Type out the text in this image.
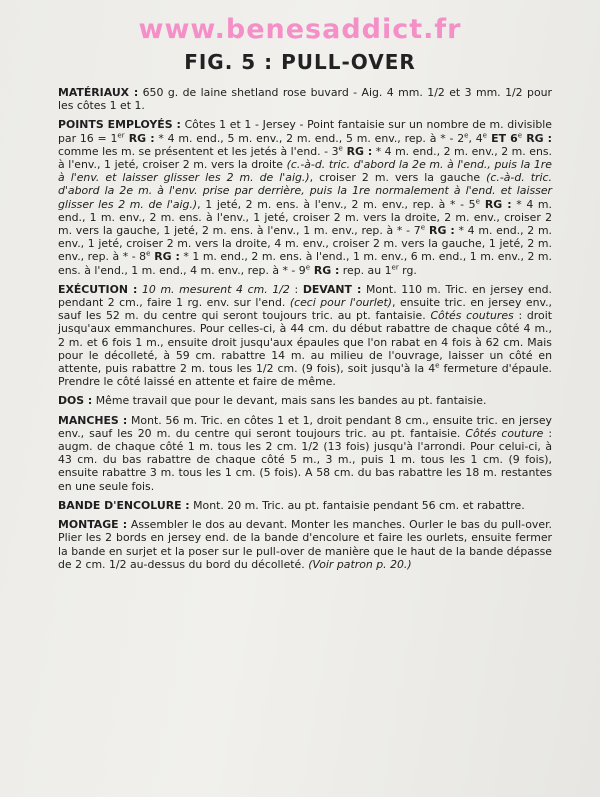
www.benesaddict.fr
FIG. 5 : PULL-OVER

MATÉRIAUX : 650 g. de laine shetland rose buvard - Aig. 4 mm. 1/2 et 3 mm. 1/2 pour les côtes 1 et 1.

POINTS EMPLOYÉS : Côtes 1 et 1 - Jersey - Point fantaisie sur un nombre de m. divisible par 16 = 1er RG : * 4 m. end., 5 m. env., 2 m. end., 5 m. env., rep. à * - 2e, 4e ET 6e RG : comme les m. se présentent et les jetés à l'end. - 3e RG : * 4 m. end., 2 m. env., 2 m. ens. à l'env., 1 jeté, croiser 2 m. vers la droite (c.-à-d. tric. d'abord la 2e m. à l'end., puis la 1re à l'env. et laisser glisser les 2 m. de l'aig.), croiser 2 m. vers la gauche (c.-à-d. tric. d'abord la 2e m. à l'env. prise par derrière, puis la 1re normalement à l'end. et laisser glisser les 2 m. de l'aig.), 1 jeté, 2 m. ens. à l'env., 2 m. env., rep. à * - 5e RG : * 4 m. end., 1 m. env., 2 m. ens. à l'env., 1 jeté, croiser 2 m. vers la droite, 2 m. env., croiser 2 m. vers la gauche, 1 jeté, 2 m. ens. à l'env., 1 m. env., rep. à * - 7e RG : * 4 m. end., 2 m. env., 1 jeté, croiser 2 m. vers la droite, 4 m. env., croiser 2 m. vers la gauche, 1 jeté, 2 m. env., rep. à * - 8e RG : * 1 m. end., 2 m. ens. à l'end., 1 m. env., 6 m. end., 1 m. env., 2 m. ens. à l'end., 1 m. end., 4 m. env., rep. à * - 9e RG : rep. au 1er rg.

EXÉCUTION : 10 m. mesurent 4 cm. 1/2 : DEVANT : Mont. 110 m. Tric. en jersey end. pendant 2 cm., faire 1 rg. env. sur l'end. (ceci pour l'ourlet), ensuite tric. en jersey env., sauf les 52 m. du centre qui seront toujours tric. au pt. fantaisie. Côtés coutures : droit jusqu'aux emmanchures. Pour celles-ci, à 44 cm. du début rabattre de chaque côté 4 m., 2 m. et 6 fois 1 m., ensuite droit jusqu'aux épaules que l'on rabat en 4 fois à 62 cm. Mais pour le décolleté, à 59 cm. rabattre 14 m. au milieu de l'ouvrage, laisser un côté en attente, puis rabattre 2 m. tous les 1/2 cm. (9 fois), soit jusqu'à la 4e fermeture d'épaule. Prendre le côté laissé en attente et faire de même.

DOS : Même travail que pour le devant, mais sans les bandes au pt. fantaisie.

MANCHES : Mont. 56 m. Tric. en côtes 1 et 1, droit pendant 8 cm., ensuite tric. en jersey env., sauf les 20 m. du centre qui seront toujours tric. au pt. fantaisie. Côtés couture : augm. de chaque côté 1 m. tous les 2 cm. 1/2 (13 fois) jusqu'à l'arrondi. Pour celui-ci, à 43 cm. du bas rabattre de chaque côté 5 m., 3 m., puis 1 m. tous les 1 cm. (9 fois), ensuite rabattre 3 m. tous les 1 cm. (5 fois). A 58 cm. du bas rabattre les 18 m. restantes en une seule fois.

BANDE D'ENCOLURE : Mont. 20 m. Tric. au pt. fantaisie pendant 56 cm. et rabattre.

MONTAGE : Assembler le dos au devant. Monter les manches. Ourler le bas du pull-over. Plier les 2 bords en jersey end. de la bande d'encolure et faire les ourlets, ensuite fermer la bande en surjet et la poser sur le pull-over de manière que le haut de la bande dépasse de 2 cm. 1/2 au-dessus du bord du décolleté. (Voir patron p. 20.)
